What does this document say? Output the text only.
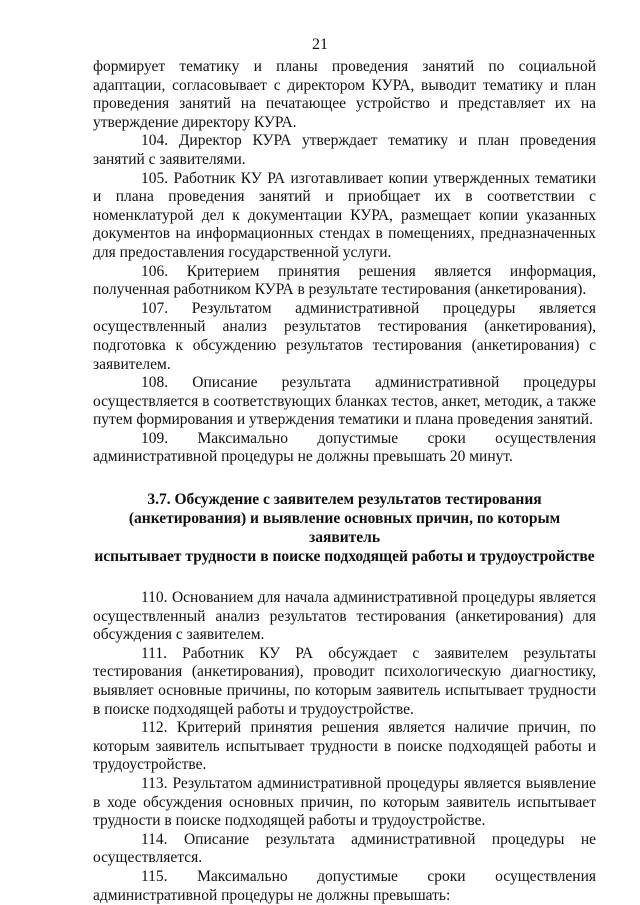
21

формирует тематику и планы проведения занятий по социальной адаптации, согласовывает с директором КУРА, выводит тематику и план проведения занятий на печатающее устройство и представляет их на утверждение директору КУРА.

104. Директор КУРА утверждает тематику и план проведения занятий с заявителями.

105. Работник КУ РА изготавливает копии утвержденных тематики и плана проведения занятий и приобщает их в соответствии с номенклатурой дел к документации КУРА, размещает копии указанных документов на информационных стендах в помещениях, предназначенных для предоставления государственной услуги.

106. Критерием принятия решения является информация, полученная работником КУРА в результате тестирования (анкетирования).

107. Результатом административной процедуры является осуществленный анализ результатов тестирования (анкетирования), подготовка к обсуждению результатов тестирования (анкетирования) с заявителем.

108. Описание результата административной процедуры осуществляется в соответствующих бланках тестов, анкет, методик, а также путем формирования и утверждения тематики и плана проведения занятий.

109. Максимально допустимые сроки осуществления административной процедуры не должны превышать 20 минут.

3.7. Обсуждение с заявителем результатов тестирования
(анкетирования) и выявление основных причин, по которым заявитель
испытывает трудности в поиске подходящей работы и трудоустройстве

110. Основанием для начала административной процедуры является осуществленный анализ результатов тестирования (анкетирования) для обсуждения с заявителем.

111. Работник КУ РА обсуждает с заявителем результаты тестирования (анкетирования), проводит психологическую диагностику, выявляет основные причины, по которым заявитель испытывает трудности в поиске подходящей работы и трудоустройстве.

112. Критерий принятия решения является наличие причин, по которым заявитель испытывает трудности в поиске подходящей работы и трудоустройстве.

113. Результатом административной процедуры является выявление в ходе обсуждения основных причин, по которым заявитель испытывает трудности в поиске подходящей работы и трудоустройстве.

114. Описание результата административной процедуры не осуществляется.

115. Максимально допустимые сроки осуществления административной процедуры не должны превышать:
